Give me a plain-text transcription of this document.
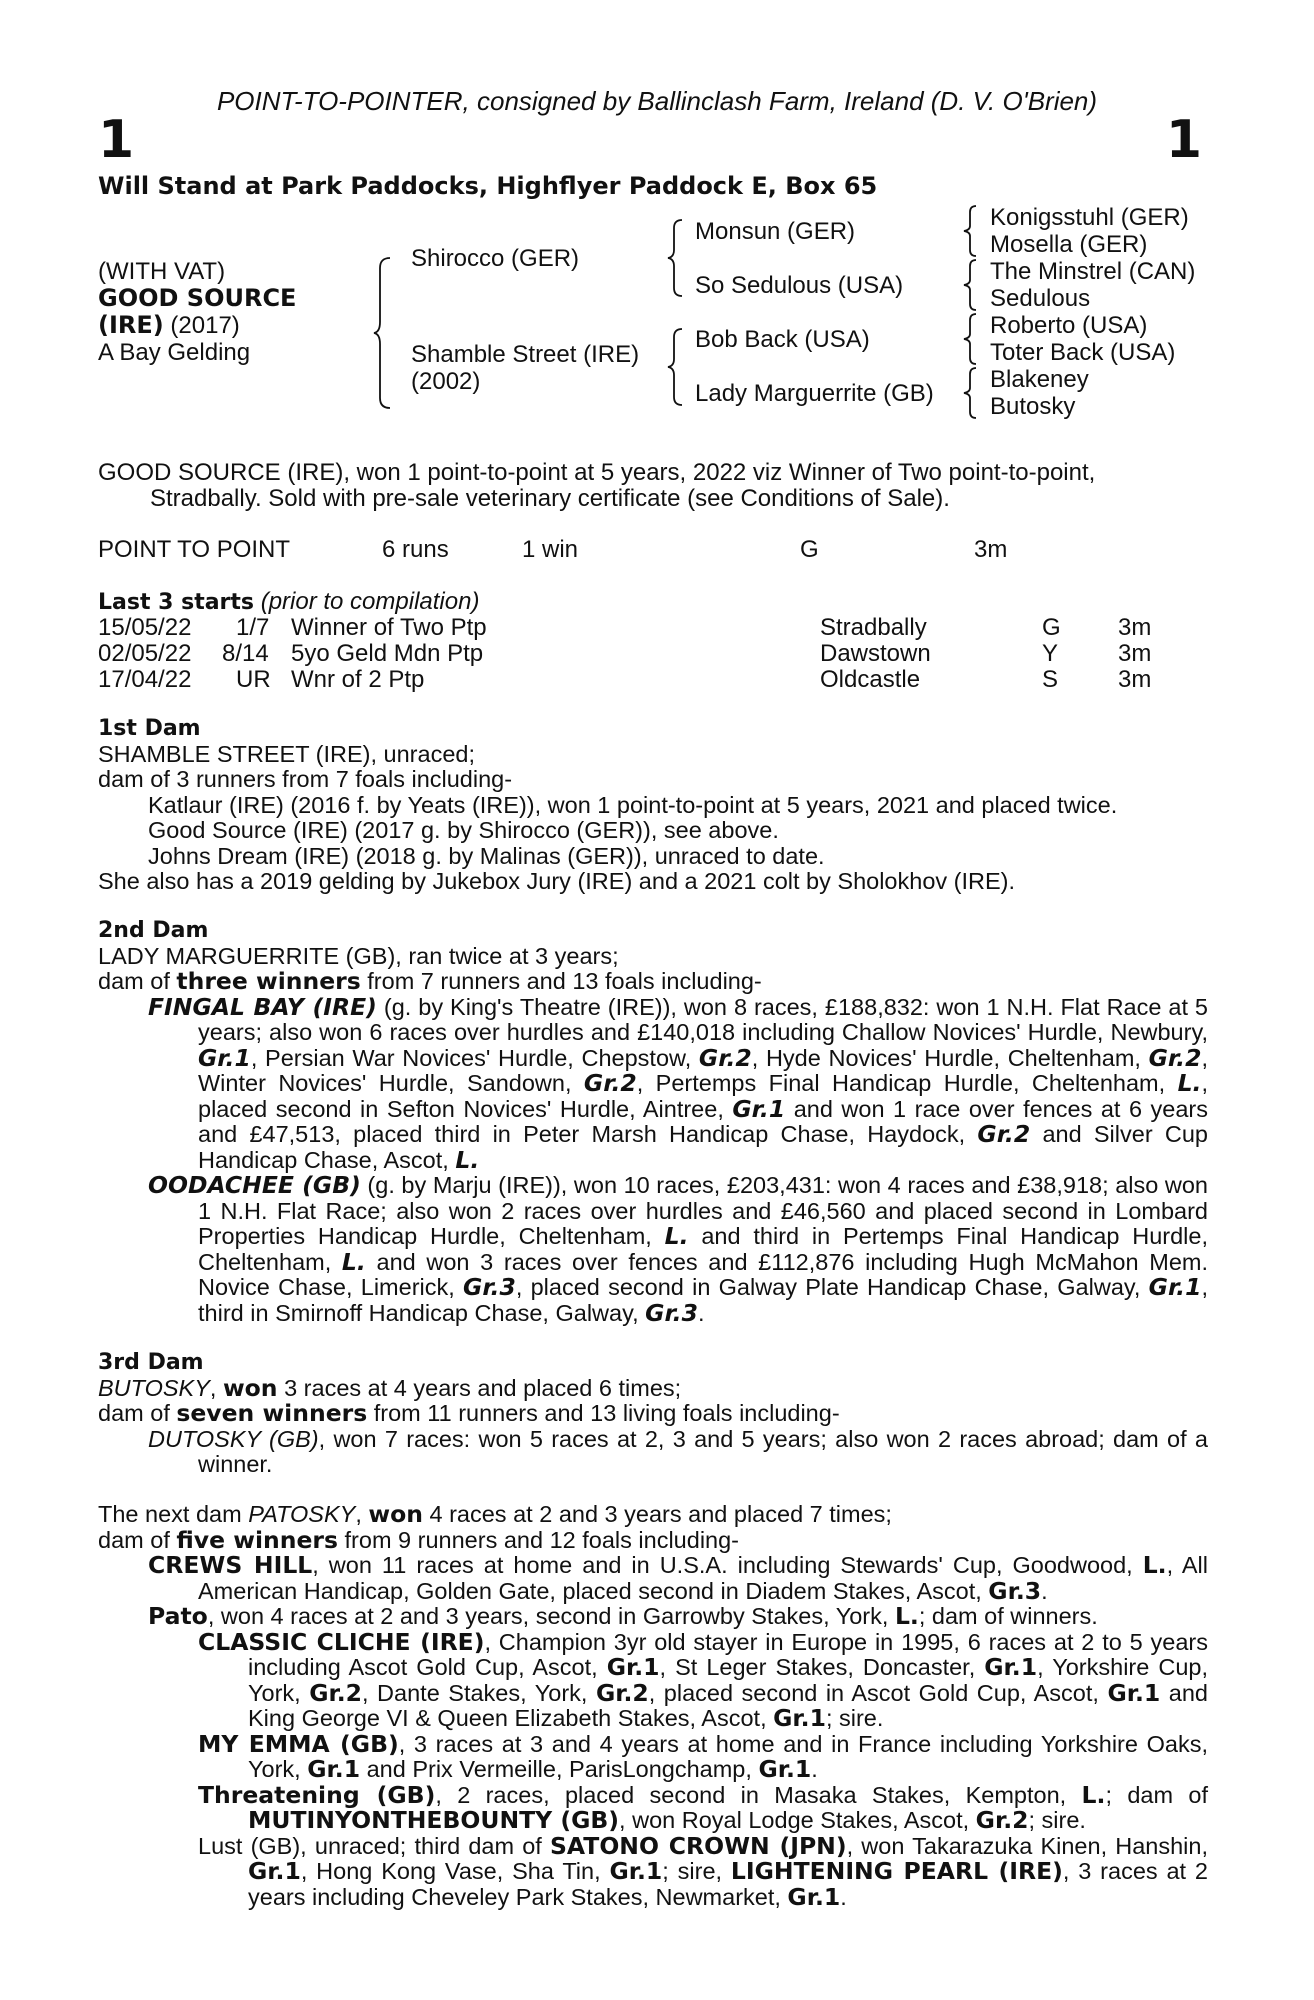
POINT-TO-POINTER, consigned by Ballinclash Farm, Ireland (D. V. O'Brien)
1	1
Will Stand at Park Paddocks, Highflyer Paddock E, Box 65
(WITH VAT)
GOOD SOURCE
(IRE) (2017)
A Bay Gelding
Shirocco (GER)
Shamble Street (IRE)
(2002)
Monsun (GER)
So Sedulous (USA)
Bob Back (USA)
Lady Marguerrite (GB)
Konigsstuhl (GER)
Mosella (GER)
The Minstrel (CAN)
Sedulous
Roberto (USA)
Toter Back (USA)
Blakeney
Butosky

GOOD SOURCE (IRE), won 1 point-to-point at 5 years, 2022 viz Winner of Two point-to-point,

Stradbally. Sold with pre-sale veterinary certificate (see Conditions of Sale).

POINT TO POINT	6 runs	1 win	G	3m
Last 3 starts (prior to compilation)
15/05/22 1/7 Winner of Two Ptp	Stradbally	G 3m
02/05/22 8/14 5yo Geld Mdn Ptp	Dawstown	Y 3m
17/04/22 UR Wnr of 2 Ptp	Oldcastle	S 3m

1st Dam

SHAMBLE STREET (IRE), unraced;

dam of 3 runners from 7 foals including-

Katlaur (IRE) (2016 f. by Yeats (IRE)), won 1 point-to-point at 5 years, 2021 and placed twice.

Good Source (IRE) (2017 g. by Shirocco (GER)), see above.

Johns Dream (IRE) (2018 g. by Malinas (GER)), unraced to date.

She also has a 2019 gelding by Jukebox Jury (IRE) and a 2021 colt by Sholokhov (IRE).

2nd Dam

LADY MARGUERRITE (GB), ran twice at 3 years;

dam of three winners from 7 runners and 13 foals including-

FINGAL BAY (IRE) (g. by King's Theatre (IRE)), won 8 races, £188,832: won 1 N.H. Flat Race at 5 years; also won 6 races over hurdles and £140,018 including Challow Novices' Hurdle, Newbury, Gr.1, Persian War Novices' Hurdle, Chepstow, Gr.2, Hyde Novices' Hurdle, Cheltenham, Gr.2, Winter Novices' Hurdle, Sandown, Gr.2, Pertemps Final Handicap Hurdle, Cheltenham, L., placed second in Sefton Novices' Hurdle, Aintree, Gr.1 and won 1 race over fences at 6 years and £47,513, placed third in Peter Marsh Handicap Chase, Haydock, Gr.2 and Silver Cup Handicap Chase, Ascot, L.

OODACHEE (GB) (g. by Marju (IRE)), won 10 races, £203,431: won 4 races and £38,918; also won 1 N.H. Flat Race; also won 2 races over hurdles and £46,560 and placed second in Lombard Properties Handicap Hurdle, Cheltenham, L. and third in Pertemps Final Handicap Hurdle, Cheltenham, L. and won 3 races over fences and £112,876 including Hugh McMahon Mem. Novice Chase, Limerick, Gr.3, placed second in Galway Plate Handicap Chase, Galway, Gr.1, third in Smirnoff Handicap Chase, Galway, Gr.3.

3rd Dam

BUTOSKY, won 3 races at 4 years and placed 6 times;

dam of seven winners from 11 runners and 13 living foals including-

DUTOSKY (GB), won 7 races: won 5 races at 2, 3 and 5 years; also won 2 races abroad; dam of a winner.

The next dam PATOSKY, won 4 races at 2 and 3 years and placed 7 times;

dam of five winners from 9 runners and 12 foals including-

CREWS HILL, won 11 races at home and in U.S.A. including Stewards' Cup, Goodwood, L., All American Handicap, Golden Gate, placed second in Diadem Stakes, Ascot, Gr.3.

Pato, won 4 races at 2 and 3 years, second in Garrowby Stakes, York, L.; dam of winners.

CLASSIC CLICHE (IRE), Champion 3yr old stayer in Europe in 1995, 6 races at 2 to 5 years including Ascot Gold Cup, Ascot, Gr.1, St Leger Stakes, Doncaster, Gr.1, Yorkshire Cup, York, Gr.2, Dante Stakes, York, Gr.2, placed second in Ascot Gold Cup, Ascot, Gr.1 and King George VI & Queen Elizabeth Stakes, Ascot, Gr.1; sire.

MY EMMA (GB), 3 races at 3 and 4 years at home and in France including Yorkshire Oaks, York, Gr.1 and Prix Vermeille, ParisLongchamp, Gr.1.

Threatening (GB), 2 races, placed second in Masaka Stakes, Kempton, L.; dam of MUTINYONTHEBOUNTY (GB), won Royal Lodge Stakes, Ascot, Gr.2; sire.

Lust (GB), unraced; third dam of SATONO CROWN (JPN), won Takarazuka Kinen, Hanshin, Gr.1, Hong Kong Vase, Sha Tin, Gr.1; sire, LIGHTENING PEARL (IRE), 3 races at 2 years including Cheveley Park Stakes, Newmarket, Gr.1.
